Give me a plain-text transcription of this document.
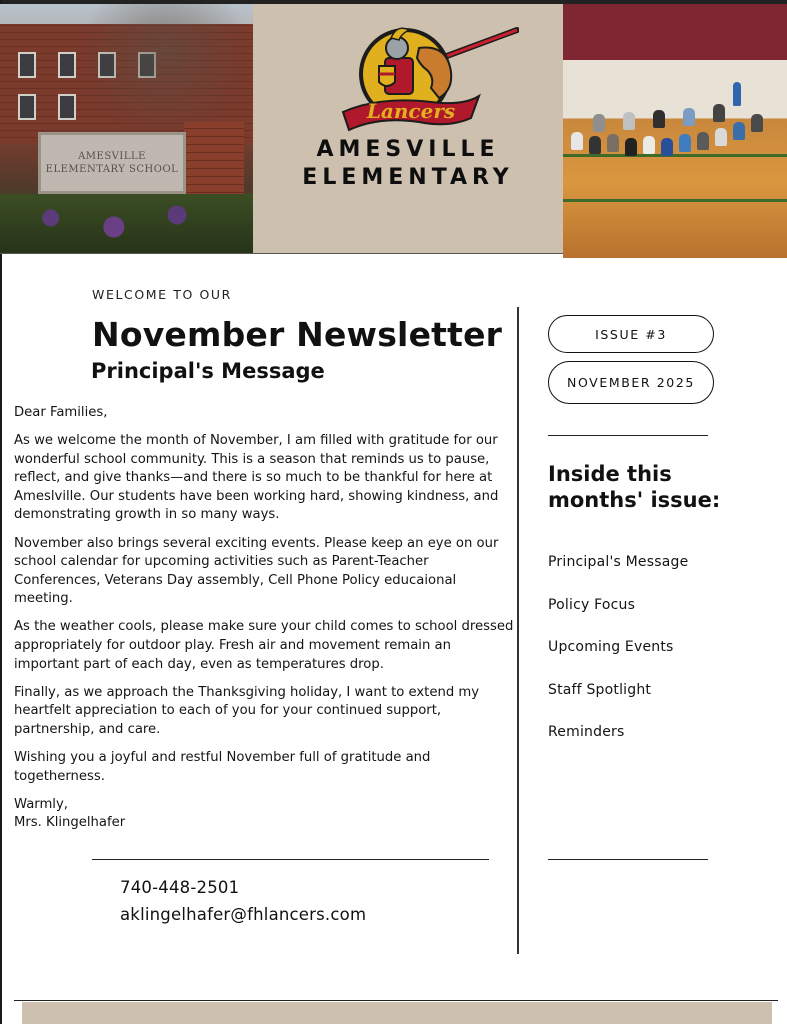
AMESVILLE
ELEMENTARY SCHOOL
Lancers
AMESVILLE
ELEMENTARY
WELCOME TO OUR
November Newsletter
Principal's Message

Dear Families,

As we welcome the month of November, I am filled with gratitude for our wonderful school community. This is a season that reminds us to pause, reflect, and give thanks—and there is so much to be thankful for here at Ameslville. Our students have been working hard, showing kindness, and demonstrating growth in so many ways.

November also brings several exciting events. Please keep an eye on our school calendar for upcoming activities such as Parent-Teacher Conferences, Veterans Day assembly, Cell Phone Policy educaional meeting.

As the weather cools, please make sure your child comes to school dressed appropriately for outdoor play. Fresh air and movement remain an important part of each day, even as temperatures drop.

Finally, as we approach the Thanksgiving holiday, I want to extend my heartfelt appreciation to each of you for your continued support, partnership, and care.

Wishing you a joyful and restful November full of gratitude and togetherness.

Warmly,
Mrs. Klingelhafer
740-448-2501
aklingelhafer@fhlancers.com
ISSUE #3
NOVEMBER 2025
Inside this months' issue:
Principal's Message
Policy Focus
Upcoming Events
Staff Spotlight
Reminders
